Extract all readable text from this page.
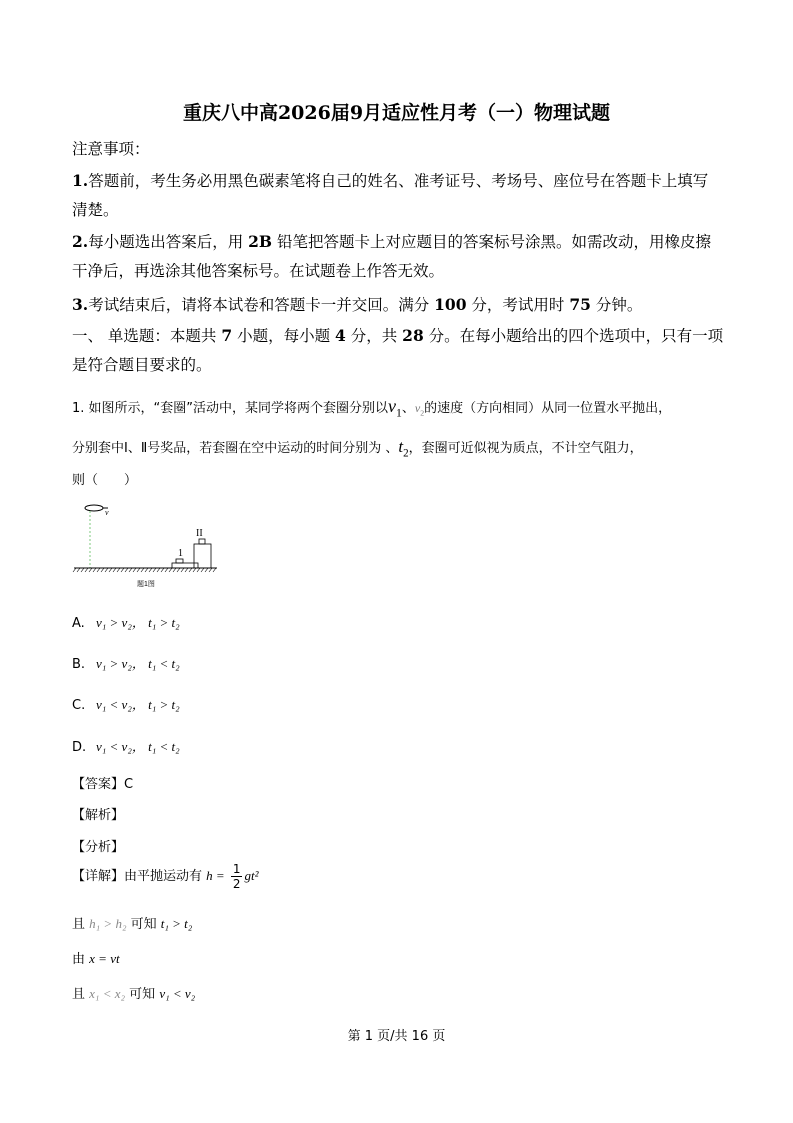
重庆八中高2026届9月适应性月考（一）物理试题
注意事项：
1.答题前，考生务必用黑色碳素笔将自己的姓名、准考证号、考场号、座位号在答题卡上填写
清楚。
2.每小题选出答案后，用 2B 铅笔把答题卡上对应题目的答案标号涂黑。如需改动，用橡皮擦
干净后，再选涂其他答案标号。在试题卷上作答无效。
3.考试结束后，请将本试卷和答题卡一并交回。满分 100 分，考试用时 75 分钟。
一、 单选题：本题共 7 小题，每小题 4 分，共 28 分。在每小题给出的四个选项中，只有一项
是符合题目要求的。
1. 如图所示，“套圈”活动中，某同学将两个套圈分别以$v_1$、$v_2$的速度（方向相同）从同一位置水平抛出，
分别套中Ⅰ、Ⅱ号奖品，若套圈在空中运动的时间分别为 、$t_2$，套圈可近似视为质点，不计空气阻力，
则（　　）
v
1
II
题1图
A. v₁ > v₂， t₁ > t₂
B. v₁ > v₂， t₁ < t₂
C. v₁ < v₂， t₁ > t₂
D. v₁ < v₂， t₁ < t₂
【答案】C
【解析】
【分析】
【详解】由平抛运动有 $h = \frac{1}{2} gt^2$
且 h₁ > h₂ 可知 t₁ > t₂
由 x = vt
且 x₁ < x₂ 可知 v₁ < v₂
第 1 页/共 16 页
